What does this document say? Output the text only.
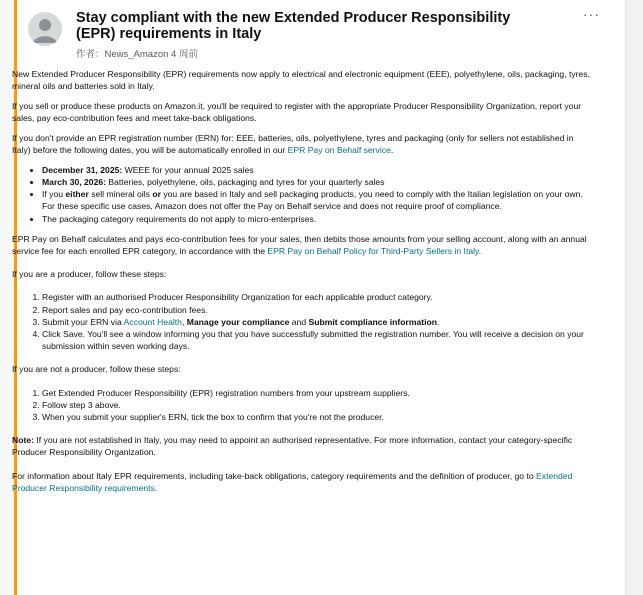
Stay compliant with the new Extended Producer Responsibility (EPR) requirements in Italy
作者：News_Amazon 4 周前
···

New Extended Producer Responsibility (EPR) requirements now apply to electrical and electronic equipment (EEE), polyethylene, oils, packaging, tyres, mineral oils and batteries sold in Italy.

If you sell or produce these products on Amazon.it, you'll be required to register with the appropriate Producer Responsibility Organization, report your sales, pay eco-contribution fees and meet take-back obligations.

If you don't provide an EPR registration number (ERN) for: EEE, batteries, oils, polyethylene, tyres and packaging (only for sellers not established in Italy) before the following dates, you will be automatically enrolled in our EPR Pay on Behalf service.

• December 31, 2025: WEEE for your annual 2025 sales
• March 30, 2026: Batteries, polyethylene, oils, packaging and tyres for your quarterly sales
• If you either sell mineral oils or you are based in Italy and sell packaging products, you need to comply with the Italian legislation on your own. For these specific use cases, Amazon does not offer the Pay on Behalf service and does not require proof of compliance.
• The packaging category requirements do not apply to micro-enterprises.

EPR Pay on Behalf calculates and pays eco-contribution fees for your sales, then debits those amounts from your selling account, along with an annual service fee for each enrolled EPR category, in accordance with the EPR Pay on Behalf Policy for Third-Party Sellers in Italy.

If you are a producer, follow these steps:

1. Register with an authorised Producer Responsibility Organization for each applicable product category.
2. Report sales and pay eco-contribution fees.
3. Submit your ERN via Account Health, Manage your compliance and Submit compliance information.
4. Click Save. You'll see a window informing you that you have successfully submitted the registration number. You will receive a decision on your submission within seven working days.

If you are not a producer, follow these steps:

1. Get Extended Producer Responsibility (EPR) registration numbers from your upstream suppliers.
2. Follow step 3 above.
3. When you submit your supplier's ERN, tick the box to confirm that you're not the producer.

Note: If you are not established in Italy, you may need to appoint an authorised representative. For more information, contact your category-specific Producer Responsibility Organization.

For information about Italy EPR requirements, including take-back obligations, category requirements and the definition of producer, go to Extended Producer Responsibility requirements.
